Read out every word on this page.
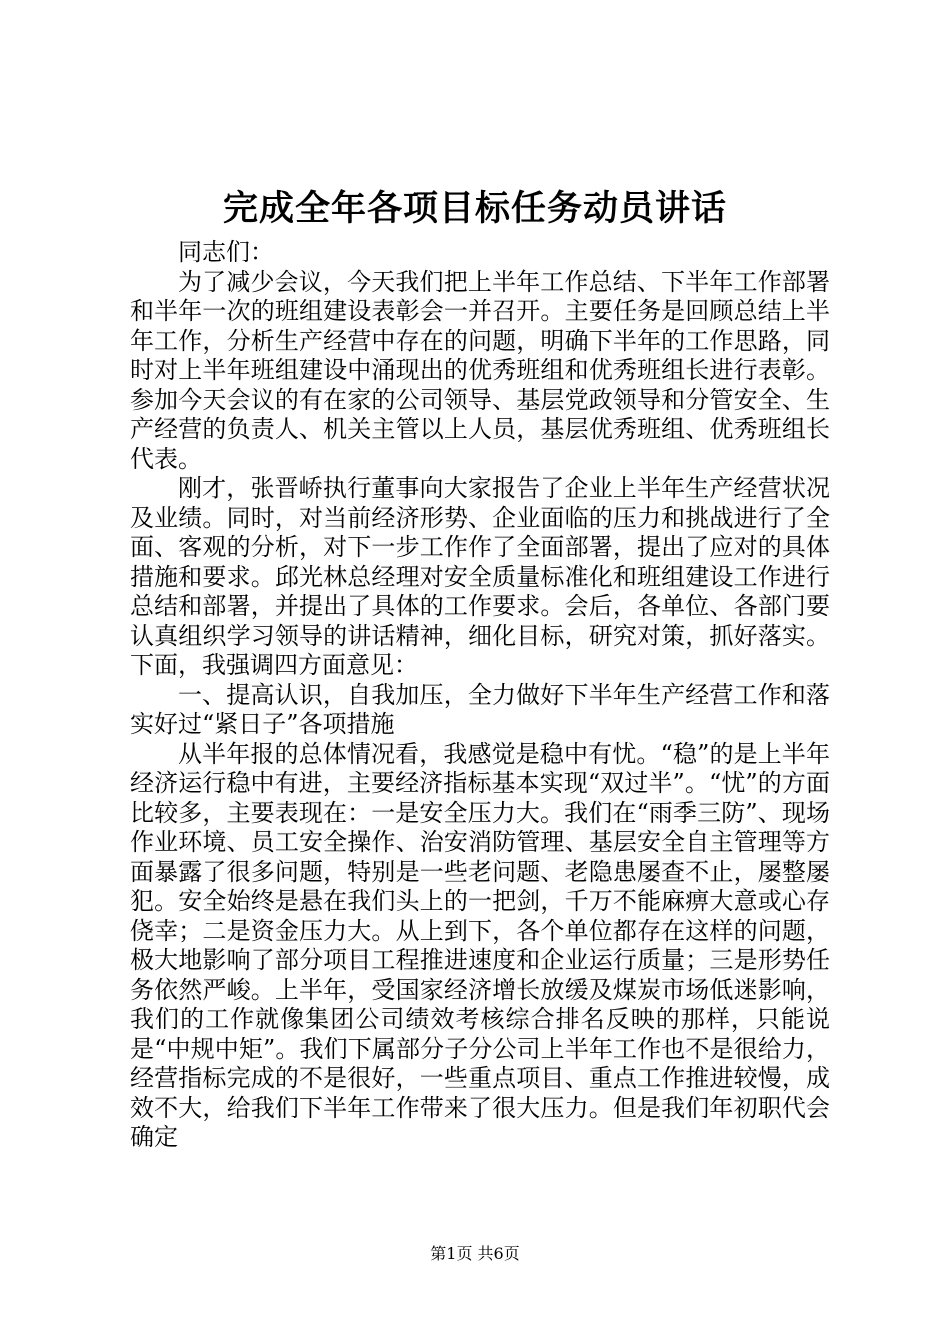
完成全年各项目标任务动员讲话

同志们：

为了减少会议，今天我们把上半年工作总结、下半年工作部署和半年一次的班组建设表彰会一并召开。主要任务是回顾总结上半年工作，分析生产经营中存在的问题，明确下半年的工作思路，同时对上半年班组建设中涌现出的优秀班组和优秀班组长进行表彰。参加今天会议的有在家的公司领导、基层党政领导和分管安全、生产经营的负责人、机关主管以上人员，基层优秀班组、优秀班组长代表。

刚才，张晋峤执行董事向大家报告了企业上半年生产经营状况及业绩。同时，对当前经济形势、企业面临的压力和挑战进行了全面、客观的分析，对下一步工作作了全面部署，提出了应对的具体措施和要求。邱光林总经理对安全质量标准化和班组建设工作进行总结和部署，并提出了具体的工作要求。会后，各单位、各部门要认真组织学习领导的讲话精神，细化目标，研究对策，抓好落实。下面，我强调四方面意见：

一、提高认识，自我加压，全力做好下半年生产经营工作和落实好过“紧日子”各项措施

从半年报的总体情况看，我感觉是稳中有忧。“稳”的是上半年经济运行稳中有进，主要经济指标基本实现“双过半”。“忧”的方面比较多，主要表现在：一是安全压力大。我们在“雨季三防”、现场作业环境、员工安全操作、治安消防管理、基层安全自主管理等方面暴露了很多问题，特别是一些老问题、老隐患屡查不止，屡整屡犯。安全始终是悬在我们头上的一把剑，千万不能麻痹大意或心存侥幸；二是资金压力大。从上到下，各个单位都存在这样的问题，极大地影响了部分项目工程推进速度和企业运行质量；三是形势任务依然严峻。上半年，受国家经济增长放缓及煤炭市场低迷影响，我们的工作就像集团公司绩效考核综合排名反映的那样，只能说是“中规中矩”。我们下属部分子分公司上半年工作也不是很给力，经营指标完成的不是很好，一些重点项目、重点工作推进较慢，成效不大，给我们下半年工作带来了很大压力。但是我们年初职代会确定

第1页 共6页
